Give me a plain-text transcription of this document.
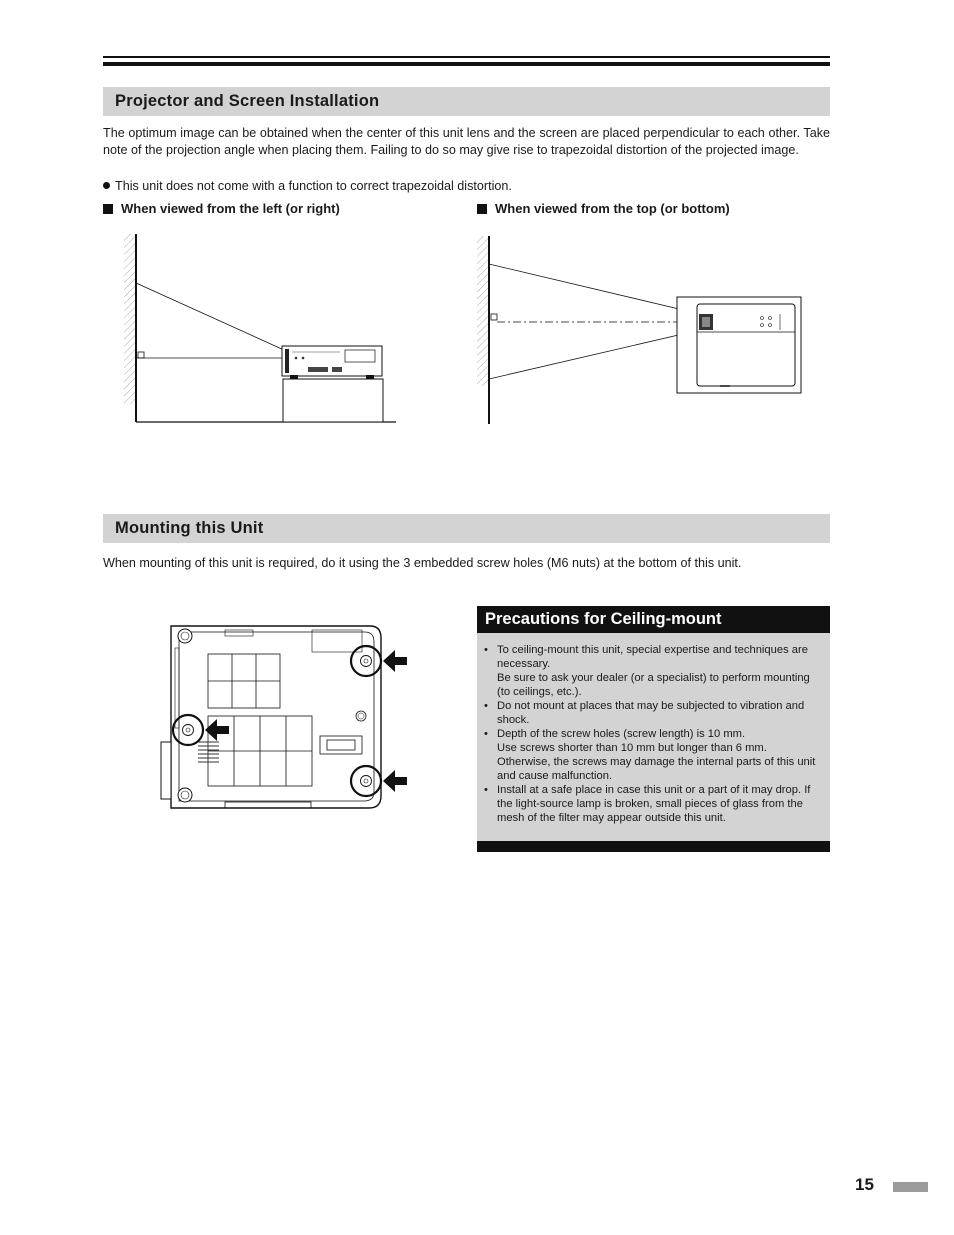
Projector and Screen Installation
The optimum image can be obtained when the center of this unit lens and the screen are placed perpendicular to each other. Take note of the projection angle when placing them. Failing to do so may give rise to trapezoidal distortion of the projected image.
This unit does not come with a function to correct trapezoidal distortion.
When viewed from the left (or right)	When viewed from the top (or bottom)
Mounting this Unit
When mounting of this unit is required, do it using the 3 embedded screw holes (M6 nuts) at the bottom of this unit.
Precautions for Ceiling-mount
• To ceiling-mount this unit, special expertise and techniques are necessary.
Be sure to ask your dealer (or a specialist) to perform mounting (to ceilings, etc.).
• Do not mount at places that may be subjected to vibration and shock.
• Depth of the screw holes (screw length) is 10 mm.
Use screws shorter than 10 mm but longer than 6 mm.
Otherwise, the screws may damage the internal parts of this unit and cause malfunction.
• Install at a safe place in case this unit or a part of it may drop. If the light-source lamp is broken, small pieces of glass from the mesh of the filter may appear outside this unit.
15
